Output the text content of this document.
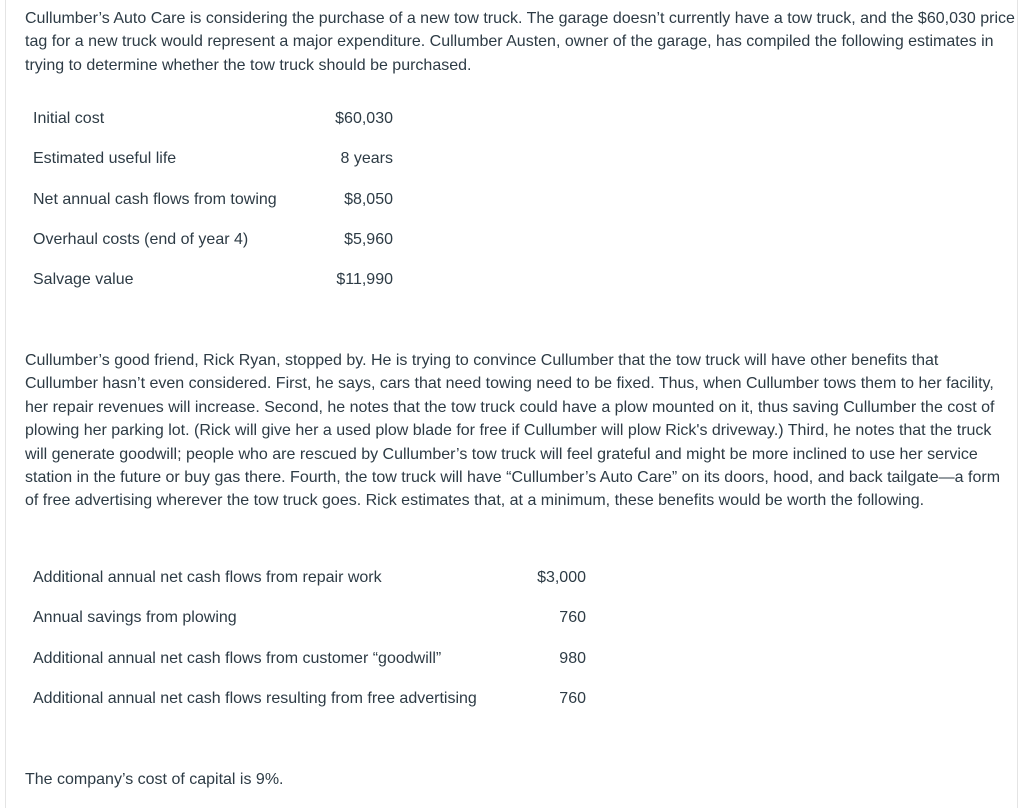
Cullumber’s Auto Care is considering the purchase of a new tow truck. The garage doesn’t currently have a tow truck, and the $60,030 price tag for a new truck would represent a major expenditure. Cullumber Austen, owner of the garage, has compiled the following estimates in trying to determine whether the tow truck should be purchased.

Initial cost	$60,030
Estimated useful life	8 years
Net annual cash flows from towing	$8,050
Overhaul costs (end of year 4)	$5,960
Salvage value	$11,990

Cullumber’s good friend, Rick Ryan, stopped by. He is trying to convince Cullumber that the tow truck will have other benefits that Cullumber hasn’t even considered. First, he says, cars that need towing need to be fixed. Thus, when Cullumber tows them to her facility, her repair revenues will increase. Second, he notes that the tow truck could have a plow mounted on it, thus saving Cullumber the cost of plowing her parking lot. (Rick will give her a used plow blade for free if Cullumber will plow Rick's driveway.) Third, he notes that the truck will generate goodwill; people who are rescued by Cullumber’s tow truck will feel grateful and might be more inclined to use her service station in the future or buy gas there. Fourth, the tow truck will have “Cullumber’s Auto Care” on its doors, hood, and back tailgate—a form of free advertising wherever the tow truck goes. Rick estimates that, at a minimum, these benefits would be worth the following.

Additional annual net cash flows from repair work	$3,000
Annual savings from plowing	760
Additional annual net cash flows from customer “goodwill”	980
Additional annual net cash flows resulting from free advertising	760

The company’s cost of capital is 9%.
